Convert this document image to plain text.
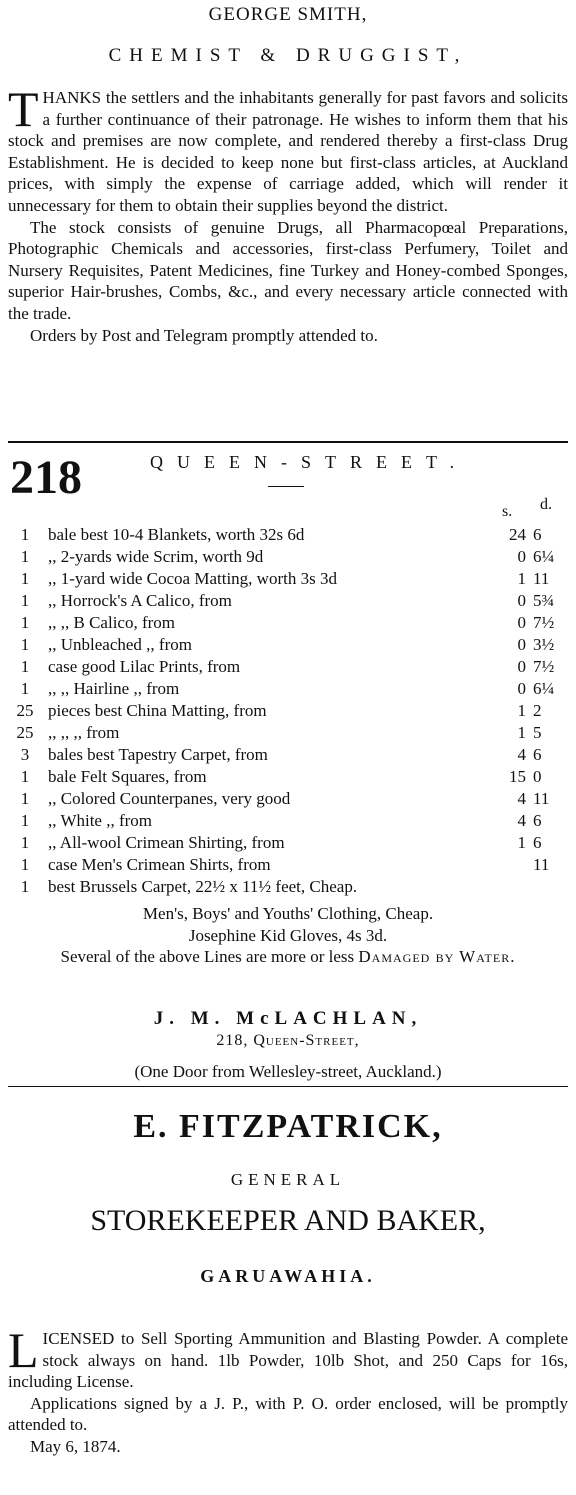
GEORGE SMITH,
CHEMIST & DRUGGIST,

THANKS the settlers and the inhabitants generally for past favors and solicits a further continuance of their patronage. He wishes to inform them that his stock and premises are now complete, and rendered thereby a first-class Drug Establishment. He is decided to keep none but first-class articles, at Auckland prices, with simply the expense of carriage added, which will render it unnecessary for them to obtain their supplies beyond the district.

The stock consists of genuine Drugs, all Pharmacopœal Preparations, Photographic Chemicals and accessories, first-class Perfumery, Toilet and Nursery Requisites, Patent Medicines, fine Turkey and Honey-combed Sponges, superior Hair-brushes, Combs, &c., and every necessary article connected with the trade.

Orders by Post and Telegram promptly attended to.

218	QUEEN-STREET.
s. d.
1	bale best 10-4 Blankets, worth 32s 6d	24 6
1	,, 2-yards wide Scrim, worth 9d	0 6¼
1	,, 1-yard wide Cocoa Matting, worth 3s 3d	1 11
1	,, Horrock's A Calico, from	0 5¾
1	,, ,, B Calico, from	0 7½
1	,, Unbleached ,, from	0 3½
1	case good Lilac Prints, from	0 7½
1	,, ,, Hairline ,, from	0 6¼
25 pieces best China Matting, from	1 2
25 ,, ,, ,, from	1 5
3	bales best Tapestry Carpet, from	4 6
1	bale Felt Squares, from	15 0
1	,, Colored Counterpanes, very good	4 11
1	,, White ,, from	4 6
1	,, All-wool Crimean Shirting, from	1 6
1	case Men's Crimean Shirts, from	11
1	best Brussels Carpet, 22½ x 11½ feet, Cheap.
Men's, Boys' and Youths' Clothing, Cheap.
Josephine Kid Gloves, 4s 3d.
Several of the above Lines are more or less Damaged by Water.
J. M. McLACHLAN,
218, Queen-Street,
(One Door from Wellesley-street, Auckland.)
E. FITZPATRICK,
GENERAL
STOREKEEPER AND BAKER,
GARUAWAHIA.

LICENSED to Sell Sporting Ammunition and Blasting Powder. A complete stock always on hand. 1lb Powder, 10lb Shot, and 250 Caps for 16s, including License.

Applications signed by a J. P., with P. O. order enclosed, will be promptly attended to.

May 6, 1874.
